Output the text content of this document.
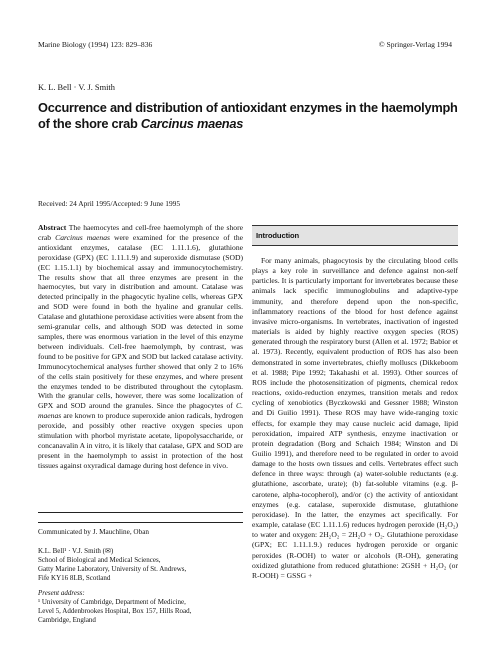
Marine Biology (1994) 123: 829–836	© Springer-Verlag 1994
K. L. Bell · V. J. Smith
Occurrence and distribution of antioxidant enzymes in the haemolymph of the shore crab Carcinus maenas
Received: 24 April 1995/Accepted: 9 June 1995
Abstract The haemocytes and cell-free haemolymph of the shore crab Carcinus maenas were examined for the presence of the antioxidant enzymes, catalase (EC 1.11.1.6), glutathione peroxidase (GPX) (EC 1.11.1.9) and superoxide dismutase (SOD) (EC 1.15.1.1) by biochemical assay and immunocytochemistry. The results show that all three enzymes are present in the haemocytes, but vary in distribution and amount. Catalase was detected principally in the phagocytic hyaline cells, whereas GPX and SOD were found in both the hyaline and granular cells. Catalase and glutathione peroxidase activities were absent from the semi-granular cells, and although SOD was detected in some samples, there was enormous variation in the level of this enzyme between individuals. Cell-free haemolymph, by contrast, was found to be positive for GPX and SOD but lacked catalase activity. Immunocytochemical analyses further showed that only 2 to 16% of the cells stain positively for these enzymes, and where present the enzymes tended to be distributed throughout the cytoplasm. With the granular cells, however, there was some localization of GPX and SOD around the granules. Since the phagocytes of C. maenas are known to produce superoxide anion radicals, hydrogen peroxide, and possibly other reactive oxygen species upon stimulation with phorbol myristate acetate, lipopolysaccharide, or concanavalin A in vitro, it is likely that catalase, GPX and SOD are present in the haemolymph to assist in protection of the host tissues against oxyradical damage during host defence in vivo.
Communicated by J. Mauchline, Oban
K.L. Bell¹ · V.J. Smith (✉)
School of Biological and Medical Sciences,
Gatty Marine Laboratory, University of St. Andrews,
Fife KY16 8LB, Scotland
Present address:
¹ University of Cambridge, Department of Medicine,
Level 5, Addenbrookes Hospital, Box 157, Hills Road,
Cambridge, England
Introduction
For many animals, phagocytosis by the circulating blood cells plays a key role in surveillance and defence against non-self particles. It is particularly important for invertebrates because these animals lack specific immunoglobulins and adaptive-type immunity, and therefore depend upon the non-specific, inflammatory reactions of the blood for host defence against invasive micro-organisms. In vertebrates, inactivation of ingested materials is aided by highly reactive oxygen species (ROS) generated through the respiratory burst (Allen et al. 1972; Babior et al. 1973). Recently, equivalent production of ROS has also been demonstrated in some invertebrates, chiefly molluscs (Dikkeboom et al. 1988; Pipe 1992; Takahashi et al. 1993). Other sources of ROS include the photosensitization of pigments, chemical redox reactions, oxido-reduction enzymes, transition metals and redox cycling of xenobiotics (Byczkowski and Gessner 1988; Winston and Di Guilio 1991). These ROS may have wide-ranging toxic effects, for example they may cause nucleic acid damage, lipid peroxidation, impaired ATP synthesis, enzyme inactivation or protein degradation (Borg and Schaich 1984; Winston and Di Guilio 1991), and therefore need to be regulated in order to avoid damage to the hosts own tissues and cells. Vertebrates effect such defence in three ways: through (a) water-soluble reductants (e.g. glutathione, ascorbate, urate); (b) fat-soluble vitamins (e.g. β-carotene, alpha-tocopherol), and/or (c) the activity of antioxidant enzymes (e.g. catalase, superoxide dismutase, glutathione peroxidase). In the latter, the enzymes act specifically. For example, catalase (EC 1.11.1.6) reduces hydrogen peroxide (H₂O₂) to water and oxygen: 2H₂O₂ = 2H₂O + O₂. Glutathione peroxidase (GPX; EC 1.11.1.9.) reduces hydrogen peroxide or organic peroxides (R-OOH) to water or alcohols (R-OH), generating oxidized glutathione from reduced glutathione: 2GSH + H₂O₂ (or R-OOH) = GSSG +
